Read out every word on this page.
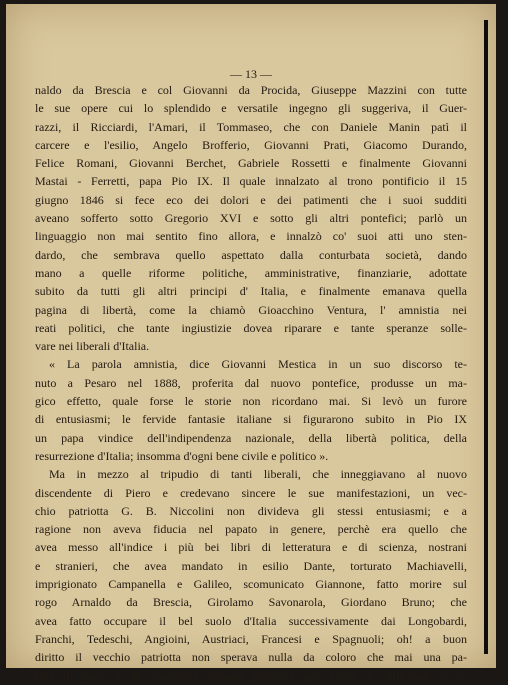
— 13 —
naldo da Brescia e col Giovanni da Procida, Giuseppe Mazzini con tutte
le sue opere cui lo splendido e versatile ingegno gli suggeriva, il Guer-
razzi, il Ricciardi, l'Amari, il Tommaseo, che con Daniele Manin patì il
carcere e l'esilio, Angelo Brofferio, Giovanni Prati, Giacomo Durando,
Felice Romani, Giovanni Berchet, Gabriele Rossetti e finalmente Giovanni
Mastai - Ferretti, papa Pio IX. Il quale innalzato al trono pontificio il 15
giugno 1846 si fece eco dei dolori e dei patimenti che i suoi sudditi
aveano sofferto sotto Gregorio XVI e sotto gli altri pontefici; parlò un
linguaggio non mai sentito fino allora, e innalzò co' suoi atti uno sten-
dardo, che sembrava quello aspettato dalla conturbata società, dando
mano a quelle riforme politiche, amministrative, finanziarie, adottate
subito da tutti gli altri principi d' Italia, e finalmente emanava quella
pagina di libertà, come la chiamò Gioacchino Ventura, l' amnistia nei
reati politici, che tante ingiustizie dovea riparare e tante speranze solle-
vare nei liberali d'Italia.
« La parola amnistia, dice Giovanni Mestica in un suo discorso te-
nuto a Pesaro nel 1888, proferita dal nuovo pontefice, produsse un ma-
gico effetto, quale forse le storie non ricordano mai. Si levò un furore
di entusiasmi; le fervide fantasie italiane si figurarono subito in Pio IX
un papa vindice dell'indipendenza nazionale, della libertà politica, della
resurrezione d'Italia; insomma d'ogni bene civile e politico ».
Ma in mezzo al tripudio di tanti liberali, che inneggiavano al nuovo
discendente di Piero e credevano sincere le sue manifestazioni, un vec-
chio patriotta G. B. Niccolini non divideva gli stessi entusiasmi; e a
ragione non aveva fiducia nel papato in genere, perchè era quello che
avea messo all'indice i più bei libri di letteratura e di scienza, nostrani
e stranieri, che avea mandato in esilio Dante, torturato Machiavelli,
imprigionato Campanella e Galileo, scomunicato Giannone, fatto morire sul
rogo Arnaldo da Brescia, Girolamo Savonarola, Giordano Bruno; che
avea fatto occupare il bel suolo d'Italia successivamente dai Longobardi,
Franchi, Tedeschi, Angioini, Austriaci, Francesi e Spagnuoli; oh! a buon
diritto il vecchio patriotta non sperava nulla da coloro che mai una pa-
rola di pace e di concordia aveano proferita per lenire le afflizioni d' I-
